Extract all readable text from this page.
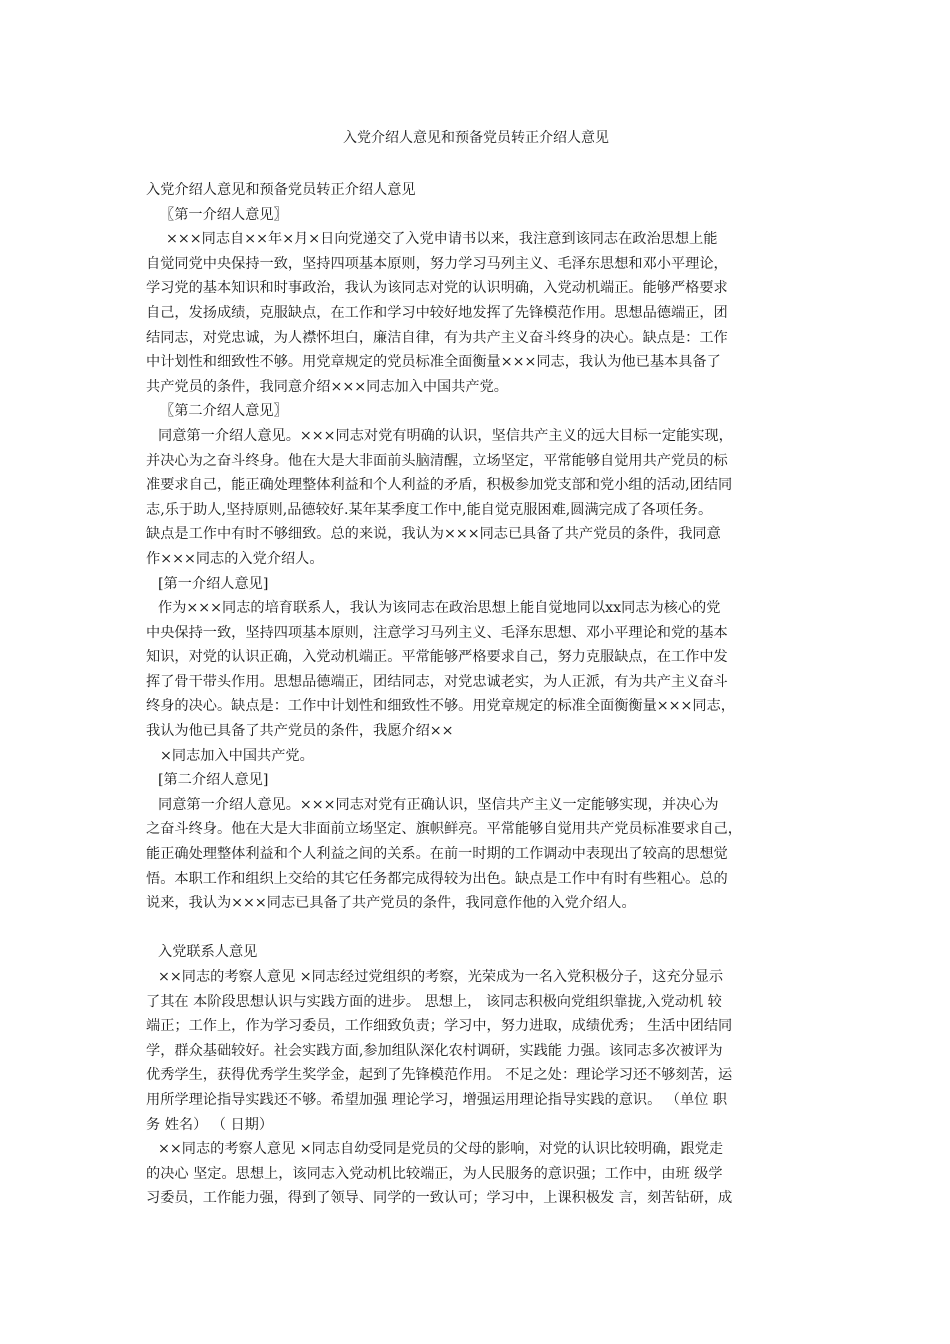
入党介绍人意见和预备党员转正介绍人意见
入党介绍人意见和预备党员转正介绍人意见
〖第一介绍人意见〗
×××同志自××年×月×日向党递交了入党申请书以来，我注意到该同志在政治思想上能
自觉同党中央保持一致，坚持四项基本原则，努力学习马列主义、毛泽东思想和邓小平理论，
学习党的基本知识和时事政治，我认为该同志对党的认识明确，入党动机端正。能够严格要求
自己，发扬成绩，克服缺点，在工作和学习中较好地发挥了先锋模范作用。思想品德端正，团
结同志，对党忠诚，为人襟怀坦白，廉洁自律，有为共产主义奋斗终身的决心。缺点是：工作
中计划性和细致性不够。用党章规定的党员标准全面衡量×××同志，我认为他已基本具备了
共产党员的条件，我同意介绍×××同志加入中国共产党。
〖第二介绍人意见〗
同意第一介绍人意见。×××同志对党有明确的认识，坚信共产主义的远大目标一定能实现，
并决心为之奋斗终身。他在大是大非面前头脑清醒，立场坚定，平常能够自觉用共产党员的标
准要求自己，能正确处理整体利益和个人利益的矛盾，积极参加党支部和党小组的活动,团结同
志,乐于助人,坚持原则,品德较好.某年某季度工作中,能自觉克服困难,圆满完成了各项任务。
缺点是工作中有时不够细致。总的来说，我认为×××同志已具备了共产党员的条件，我同意
作×××同志的入党介绍人。
[第一介绍人意见]
作为×××同志的培育联系人，我认为该同志在政治思想上能自觉地同以xx同志为核心的党
中央保持一致，坚持四项基本原则，注意学习马列主义、毛泽东思想、邓小平理论和党的基本
知识，对党的认识正确，入党动机端正。平常能够严格要求自己，努力克服缺点，在工作中发
挥了骨干带头作用。思想品德端正，团结同志，对党忠诚老实，为人正派，有为共产主义奋斗
终身的决心。缺点是：工作中计划性和细致性不够。用党章规定的标准全面衡衡量×××同志，
我认为他已具备了共产党员的条件，我愿介绍××
×同志加入中国共产党。
[第二介绍人意见]
同意第一介绍人意见。×××同志对党有正确认识，坚信共产主义一定能够实现，并决心为
之奋斗终身。他在大是大非面前立场坚定、旗帜鲜亮。平常能够自觉用共产党员标准要求自己，
能正确处理整体利益和个人利益之间的关系。在前一时期的工作调动中表现出了较高的思想觉
悟。本职工作和组织上交给的其它任务都完成得较为出色。缺点是工作中有时有些粗心。总的
说来，我认为×××同志已具备了共产党员的条件，我同意作他的入党介绍人。
入党联系人意见
××同志的考察人意见 ×同志经过党组织的考察，光荣成为一名入党积极分子，这充分显示
了其在 本阶段思想认识与实践方面的进步。 思想上， 该同志积极向党组织靠拢,入党动机 较
端正；工作上，作为学习委员，工作细致负责；学习中，努力进取，成绩优秀； 生活中团结同
学，群众基础较好。社会实践方面,参加组队深化农村调研，实践能 力强。该同志多次被评为
优秀学生，获得优秀学生奖学金，起到了先锋模范作用。 不足之处：理论学习还不够刻苦，运
用所学理论指导实践还不够。希望加强 理论学习，增强运用理论指导实践的意识。 （单位 职
务 姓名） （ 日期）
××同志的考察人意见 ×同志自幼受同是党员的父母的影响，对党的认识比较明确，跟党走
的决心 坚定。思想上，该同志入党动机比较端正，为人民服务的意识强；工作中，由班 级学
习委员，工作能力强，得到了领导、同学的一致认可；学习中，上课积极发 言，刻苦钻研，成
